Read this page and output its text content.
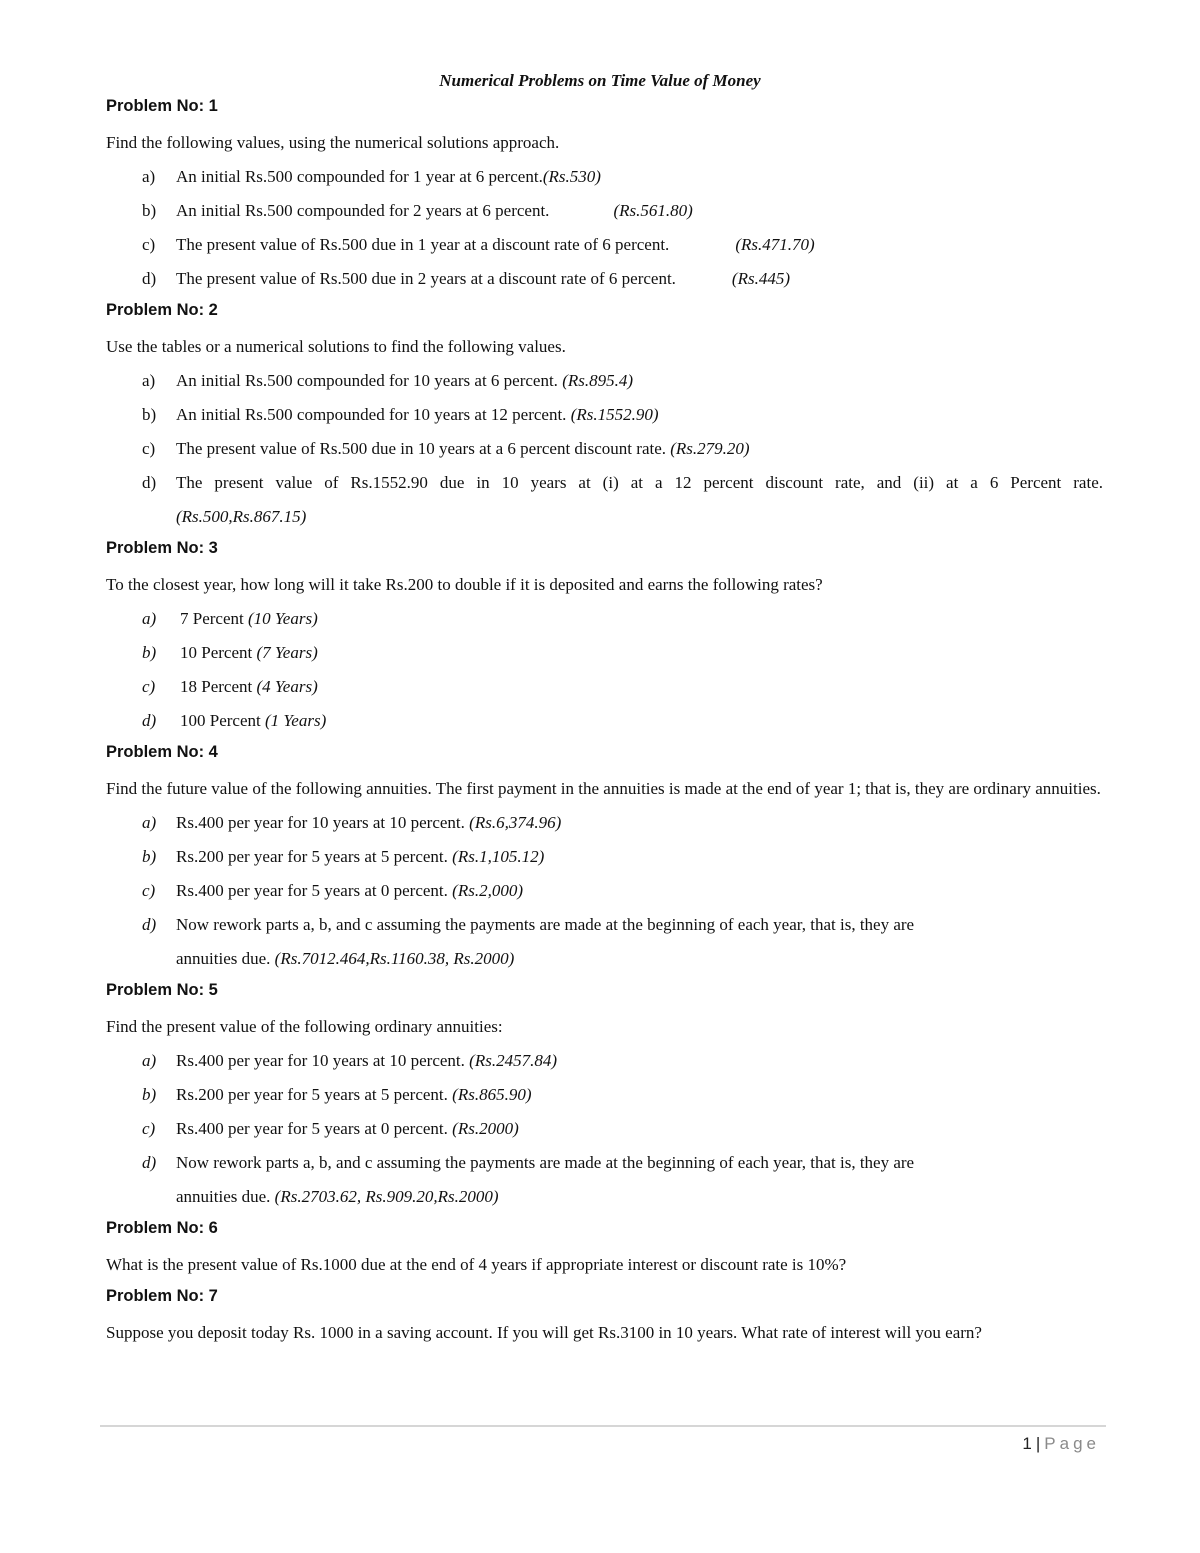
Numerical Problems on Time Value of Money
Problem No: 1

Find the following values, using the numerical solutions approach.

a) An initial Rs.500 compounded for 1 year at 6 percent.(Rs.530)
b) An initial Rs.500 compounded for 2 years at 6 percent.	(Rs.561.80)
c) The present value of Rs.500 due in 1 year at a discount rate of 6 percent.	(Rs.471.70)
d) The present value of Rs.500 due in 2 years at a discount rate of 6 percent.	(Rs.445)
Problem No: 2

Use the tables or a numerical solutions to find the following values.

a) An initial Rs.500 compounded for 10 years at 6 percent. (Rs.895.4)
b) An initial Rs.500 compounded for 10 years at 12 percent. (Rs.1552.90)
c) The present value of Rs.500 due in 10 years at a 6 percent discount rate. (Rs.279.20)
d) The present value of Rs.1552.90 due in 10 years at (i) at a 12 percent discount rate, and (ii) at a 6 Percent rate.
(Rs.500,Rs.867.15)
Problem No: 3

To the closest year, how long will it take Rs.200 to double if it is deposited and earns the following rates?

a) 7 Percent (10 Years)
b) 10 Percent (7 Years)
c) 18 Percent (4 Years)
d) 100 Percent (1 Years)
Problem No: 4

Find the future value of the following annuities. The first payment in the annuities is made at the end of year 1; that is, they are ordinary annuities.

a) Rs.400 per year for 10 years at 10 percent. (Rs.6,374.96)
b) Rs.200 per year for 5 years at 5 percent. (Rs.1,105.12)
c) Rs.400 per year for 5 years at 0 percent. (Rs.2,000)
d) Now rework parts a, b, and c assuming the payments are made at the beginning of each year, that is, they are
annuities due. (Rs.7012.464,Rs.1160.38, Rs.2000)
Problem No: 5

Find the present value of the following ordinary annuities:

a) Rs.400 per year for 10 years at 10 percent. (Rs.2457.84)
b) Rs.200 per year for 5 years at 5 percent. (Rs.865.90)
c) Rs.400 per year for 5 years at 0 percent. (Rs.2000)
d) Now rework parts a, b, and c assuming the payments are made at the beginning of each year, that is, they are
annuities due. (Rs.2703.62, Rs.909.20,Rs.2000)
Problem No: 6

What is the present value of Rs.1000 due at the end of 4 years if appropriate interest or discount rate is 10%?

Problem No: 7

Suppose you deposit today Rs. 1000 in a saving account. If you will get Rs.3100 in 10 years. What rate of interest will you earn?

1 | Page
